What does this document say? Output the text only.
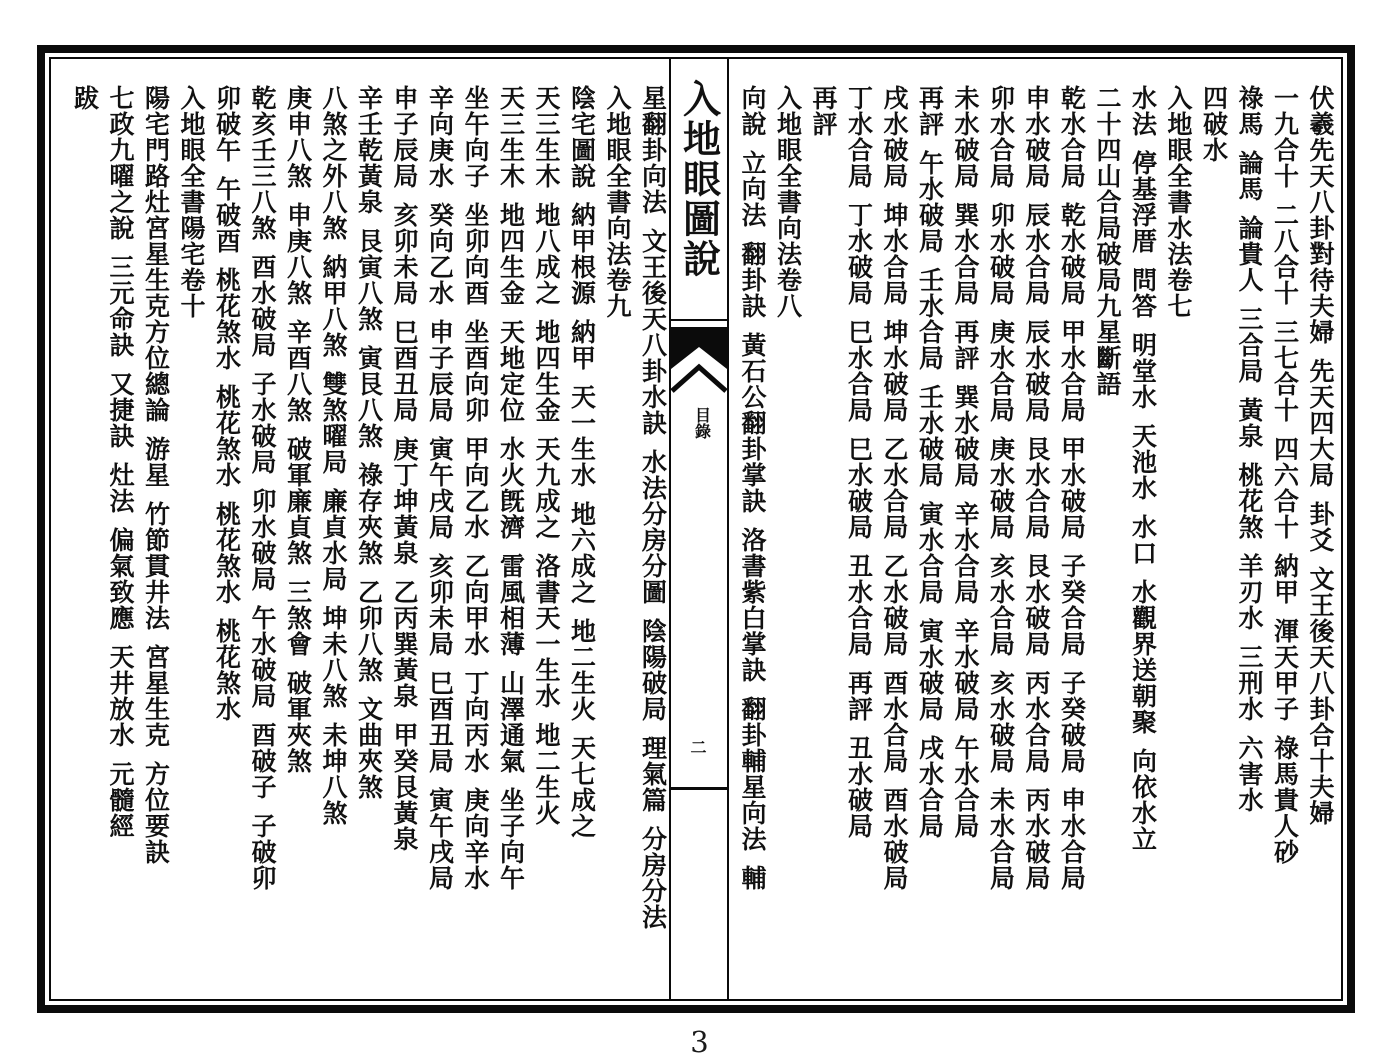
星翻卦向法文王後天八卦水訣水法分房分圖陰陽破局理氣篇分房分法
入地眼全書向法卷九
陰宅圖說納甲根源納甲天一生水地六成之地二生火天七成之
天三生木地八成之地四生金天九成之洛書天一生水地二生火
天三生木地四生金天地定位水火旣濟雷風相薄山澤通氣坐子向午
坐午向子坐卯向酉坐酉向卯甲向乙水乙向甲水丁向丙水庚向辛水
辛向庚水癸向乙水申子辰局寅午戌局亥卯未局巳酉丑局寅午戌局
申子辰局亥卯未局巳酉丑局庚丁坤黃泉乙丙巽黃泉甲癸艮黃泉
辛壬乾黃泉艮寅八煞寅艮八煞祿存夾煞乙卯八煞文曲夾煞
八煞之外八煞納甲八煞雙煞曜局廉貞水局坤未八煞未坤八煞
庚申八煞申庚八煞辛酉八煞破軍廉貞煞三煞會破軍夾煞
乾亥壬三八煞酉水破局子水破局卯水破局午水破局酉破子子破卯
卯破午午破酉桃花煞水桃花煞水桃花煞水桃花煞水
入地眼全書陽宅卷十
陽宅門路灶宮星生克方位總論游星竹節貫井法宮星生克方位要訣
七政九曜之說三元命訣又捷訣灶法偏氣致應天井放水元髓經
跋	入地眼圖說
目錄
二
伏羲先天八卦對待夫婦先天四大局卦爻文王後天八卦合十夫婦
一九合十二八合十三七合十四六合十納甲渾天甲子祿馬貴人砂
祿馬論馬論貴人三合局黃泉桃花煞羊刃水三刑水六害水
四破水
入地眼全書水法卷七
水法停基浮厝問答明堂水天池水水口水觀界送朝聚向依水立
二十四山合局破局九星斷語
乾水合局乾水破局甲水合局甲水破局子癸合局子癸破局申水合局
申水破局辰水合局辰水破局艮水合局艮水破局丙水合局丙水破局
卯水合局卯水破局庚水合局庚水破局亥水合局亥水破局未水合局
未水破局巽水合局再評巽水破局辛水合局辛水破局午水合局
再評午水破局壬水合局壬水破局寅水合局寅水破局戌水合局
戌水破局坤水合局坤水破局乙水合局乙水破局酉水合局酉水破局
丁水合局丁水破局巳水合局巳水破局丑水合局再評丑水破局
再評
入地眼全書向法卷八
向說立向法翻卦訣黃石公翻卦掌訣洛書紫白掌訣翻卦輔星向法輔
3
